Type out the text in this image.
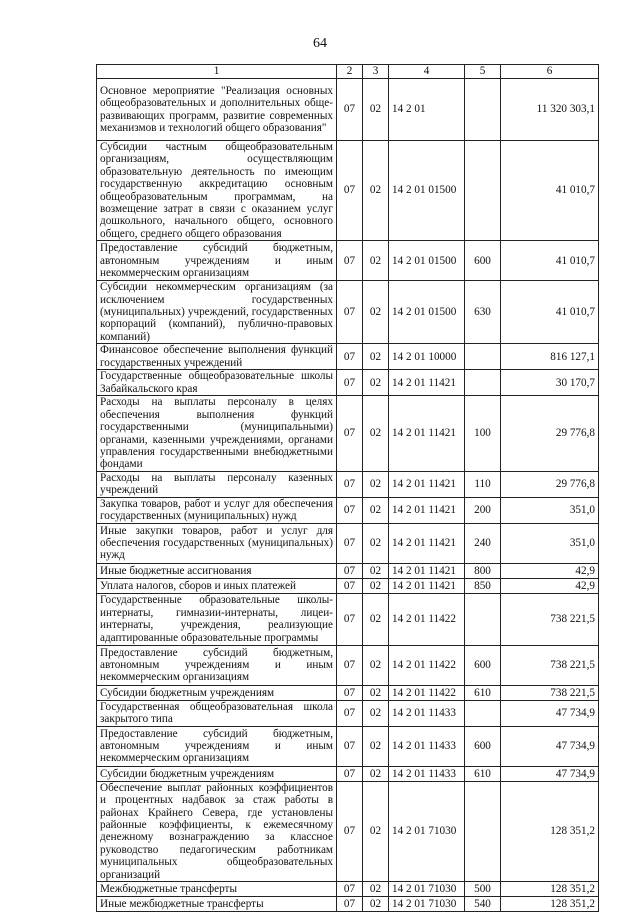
64
1	2	3	4	5	6
Основное мероприятие "Реализация основных общеобразовательных и дополнительных обще-развивающих программ, развитие современных механизмов и технологий общего образования"	07	02	14 2 01		11 320 303,1
Субсидии частным общеобразовательным организациям, осуществляющим образовательную деятельность по имеющим государственную аккредитацию основным общеобразовательным программам, на возмещение затрат в связи с оказанием услуг дошкольного, начального общего, основного общего, среднего общего образования	07	02	14 2 01 01500		41 010,7
Предоставление субсидий бюджетным, автономным учреждениям и иным некоммерческим организациям	07	02	14 2 01 01500	600	41 010,7
Субсидии некоммерческим организациям (за исключением государственных (муниципальных) учреждений, государственных корпораций (компаний), публично-правовых компаний)	07	02	14 2 01 01500	630	41 010,7
Финансовое обеспечение выполнения функций государственных учреждений	07	02	14 2 01 10000		816 127,1
Государственные общеобразовательные школы Забайкальского края	07	02	14 2 01 11421		30 170,7
Расходы на выплаты персоналу в целях обеспечения выполнения функций государственными (муниципальными) органами, казенными учреждениями, органами управления государственными внебюджетными фондами	07	02	14 2 01 11421	100	29 776,8
Расходы на выплаты персоналу казенных учреждений	07	02	14 2 01 11421	110	29 776,8
Закупка товаров, работ и услуг для обеспечения государственных (муниципальных) нужд	07	02	14 2 01 11421	200	351,0
Иные закупки товаров, работ и услуг для обеспечения государственных (муниципальных) нужд	07	02	14 2 01 11421	240	351,0
Иные бюджетные ассигнования	07	02	14 2 01 11421	800	42,9
Уплата налогов, сборов и иных платежей	07	02	14 2 01 11421	850	42,9
Государственные образовательные школы-интернаты, гимназии-интернаты, лицеи-интернаты, учреждения, реализующие адаптированные образовательные программы	07	02	14 2 01 11422		738 221,5
Предоставление субсидий бюджетным, автономным учреждениям и иным некоммерческим организациям	07	02	14 2 01 11422	600	738 221,5
Субсидии бюджетным учреждениям	07	02	14 2 01 11422	610	738 221,5
Государственная общеобразовательная школа закрытого типа	07	02	14 2 01 11433		47 734,9
Предоставление субсидий бюджетным, автономным учреждениям и иным некоммерческим организациям	07	02	14 2 01 11433	600	47 734,9
Субсидии бюджетным учреждениям	07	02	14 2 01 11433	610	47 734,9
Обеспечение выплат районных коэффициентов и процентных надбавок за стаж работы в районах Крайнего Севера, где установлены районные коэффициенты, к ежемесячному денежному вознаграждению за классное руководство педагогическим работникам муниципальных общеобразовательных организаций	07	02	14 2 01 71030		128 351,2
Межбюджетные трансферты	07	02	14 2 01 71030	500	128 351,2
Иные межбюджетные трансферты	07	02	14 2 01 71030	540	128 351,2
